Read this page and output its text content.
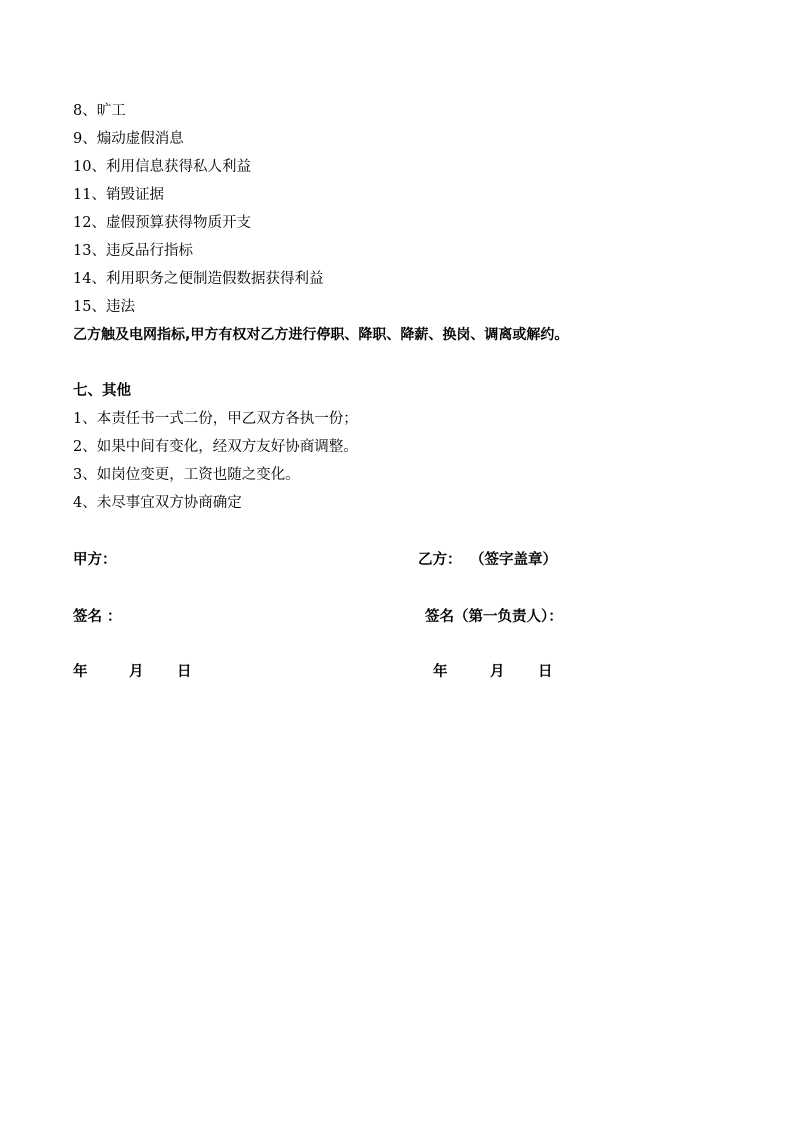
8、旷工
9、煽动虚假消息
10、利用信息获得私人利益
11、销毁证据
12、虚假预算获得物质开支
13、违反品行指标
14、利用职务之便制造假数据获得利益
15、违法
乙方触及电网指标,甲方有权对乙方进行停职、降职、降薪、换岗、调离或解约。
七、其他
1、本责任书一式二份，甲乙双方各执一份；
2、如果中间有变化，经双方友好协商调整。
3、如岗位变更，工资也随之变化。
4、未尽事宜双方协商确定
甲方：	乙方： （签字盖章）
签名 ：	签名（第一负责人）：
年	月 日	年	月 日
